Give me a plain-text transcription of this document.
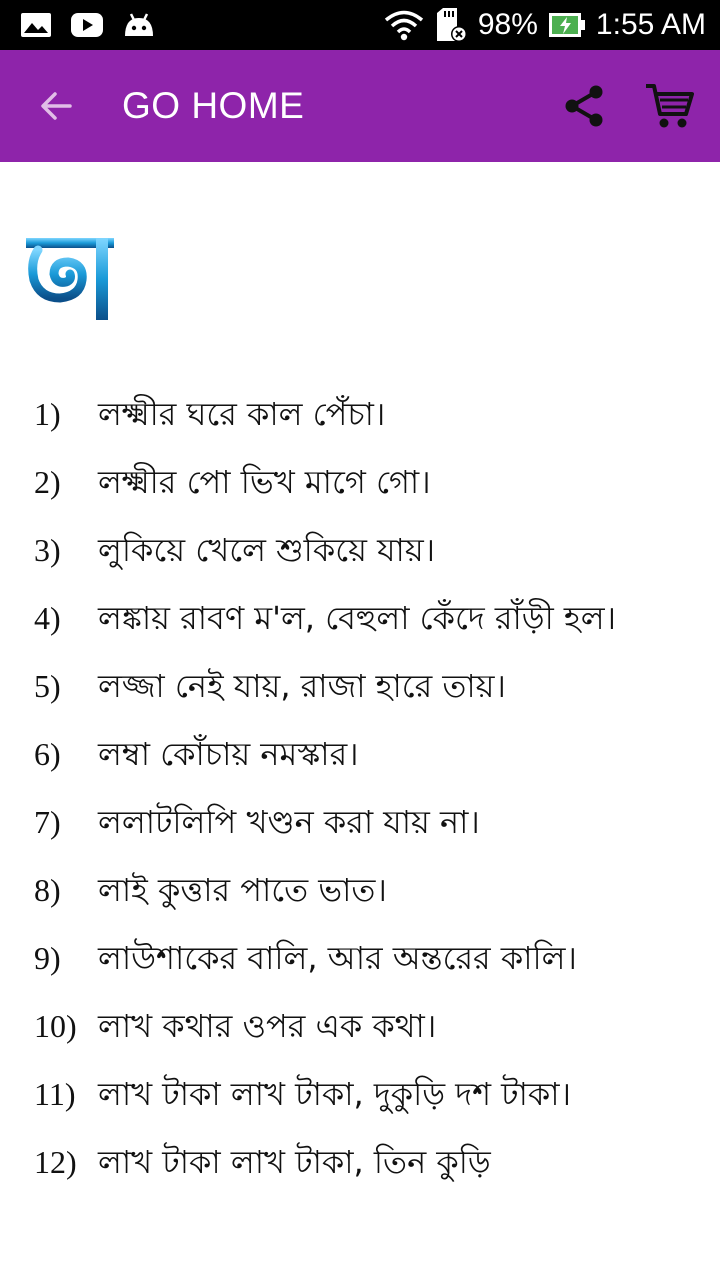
98% 1:55 AM
GO HOME
1)	লক্ষ্মীর ঘরে কাল পেঁচা।
2)	লক্ষ্মীর পো ভিখ মাগে গো।
3)	লুকিয়ে খেলে শুকিয়ে যায়।
4)	লঙ্কায় রাবণ ম'ল, বেহুলা কেঁদে রাঁড়ী হল।
5)	লজ্জা নেই যায়, রাজা হারে তায়।
6)	লম্বা কোঁচায় নমস্কার।
7)	ললাটলিপি খণ্ডন করা যায় না।
8)	লাই কুত্তার পাতে ভাত।
9)	লাউশাকের বালি, আর অন্তরের কালি।
10) লাখ কথার ওপর এক কথা।
11) লাখ টাকা লাখ টাকা, দুকুড়ি দশ টাকা।
12) লাখ টাকা লাখ টাকা, তিন কুড়ি
